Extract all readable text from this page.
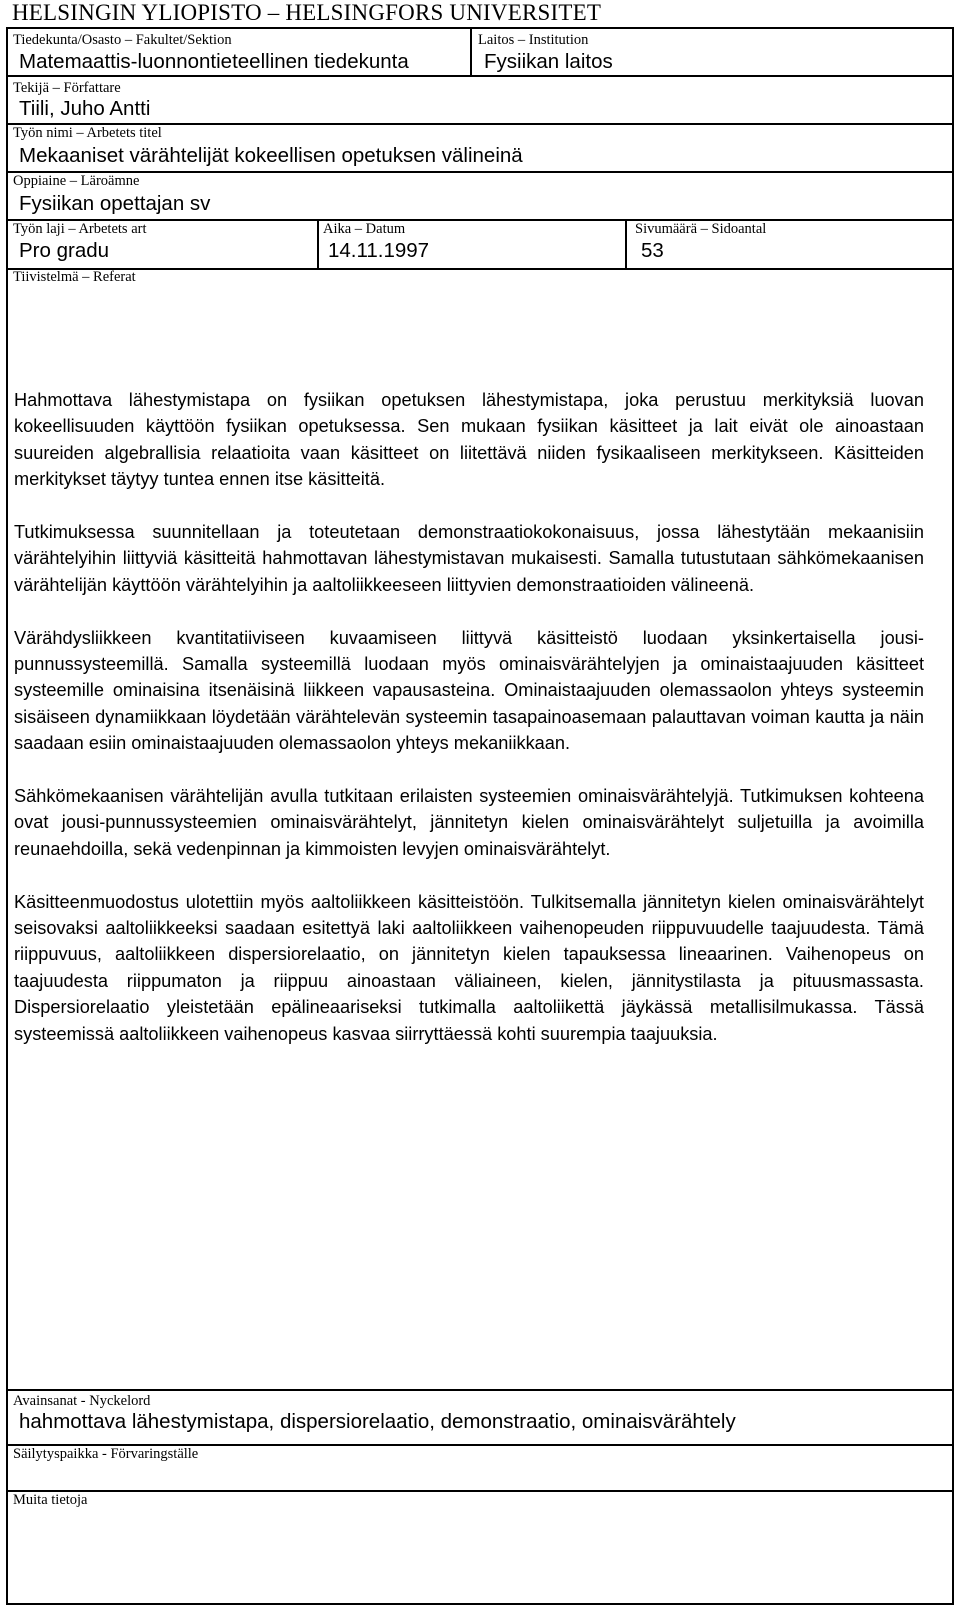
HELSINGIN YLIOPISTO – HELSINGFORS UNIVERSITET
Tiedekunta/Osasto – Fakultet/Sektion
Matemaattis-luonnontieteellinen tiedekunta
Laitos – Institution
Fysiikan laitos
Tekijä – Författare
Tiili, Juho Antti
Työn nimi – Arbetets titel
Mekaaniset värähtelijät kokeellisen opetuksen välineinä
Oppiaine – Läroämne
Fysiikan opettajan sv
Työn laji – Arbetets art
Pro gradu
Aika – Datum
14.11.1997
Sivumäärä – Sidoantal
53
Tiivistelmä – Referat

Hahmottava lähestymistapa on fysiikan opetuksen lähestymistapa, joka perustuu merkityksiä luovan kokeellisuuden käyttöön fysiikan opetuksessa. Sen mukaan fysiikan käsitteet ja lait eivät ole ainoastaan suureiden algebrallisia relaatioita vaan käsitteet on liitettävä niiden fysikaaliseen merkitykseen. Käsitteiden merkitykset täytyy tuntea ennen itse käsitteitä.

Tutkimuksessa suunnitellaan ja toteutetaan demonstraatiokokonaisuus, jossa lähestytään mekaanisiin värähtelyihin liittyviä käsitteitä hahmottavan lähestymistavan mukaisesti. Samalla tutustutaan sähkömekaanisen värähtelijän käyttöön värähtelyihin ja aaltoliikkeeseen liittyvien demonstraatioiden välineenä.

Värähdysliikkeen kvantitatiiviseen kuvaamiseen liittyvä käsitteistö luodaan yksinkertaisella jousi-punnussysteemillä. Samalla systeemillä luodaan myös ominaisvärähtelyjen ja ominaistaajuuden käsitteet systeemille ominaisina itsenäisinä liikkeen vapausasteina. Ominaistaajuuden olemassaolon yhteys systeemin sisäiseen dynamiikkaan löydetään värähtelevän systeemin tasapainoasemaan palauttavan voiman kautta ja näin saadaan esiin ominaistaajuuden olemassaolon yhteys mekaniikkaan.

Sähkömekaanisen värähtelijän avulla tutkitaan erilaisten systeemien ominaisvärähtelyjä. Tutkimuksen kohteena ovat jousi-punnussysteemien ominaisvärähtelyt, jännitetyn kielen ominaisvärähtelyt suljetuilla ja avoimilla reunaehdoilla, sekä vedenpinnan ja kimmoisten levyjen ominaisvärähtelyt.

Käsitteenmuodostus ulotettiin myös aaltoliikkeen käsitteistöön. Tulkitsemalla jännitetyn kielen ominaisvärähtelyt seisovaksi aaltoliikkeeksi saadaan esitettyä laki aaltoliikkeen vaihenopeuden riippuvuudelle taajuudesta. Tämä riippuvuus, aaltoliikkeen dispersiorelaatio, on jännitetyn kielen tapauksessa lineaarinen. Vaihenopeus on taajuudesta riippumaton ja riippuu ainoastaan väliaineen, kielen, jännitystilasta ja pituusmassasta. Dispersiorelaatio yleistetään epälineaariseksi tutkimalla aaltoliikettä jäykässä metallisilmukassa. Tässä systeemissä aaltoliikkeen vaihenopeus kasvaa siirryttäessä kohti suurempia taajuuksia.

Avainsanat - Nyckelord
hahmottava lähestymistapa, dispersiorelaatio, demonstraatio, ominaisvärähtely
Säilytyspaikka - Förvaringställe
Muita tietoja
